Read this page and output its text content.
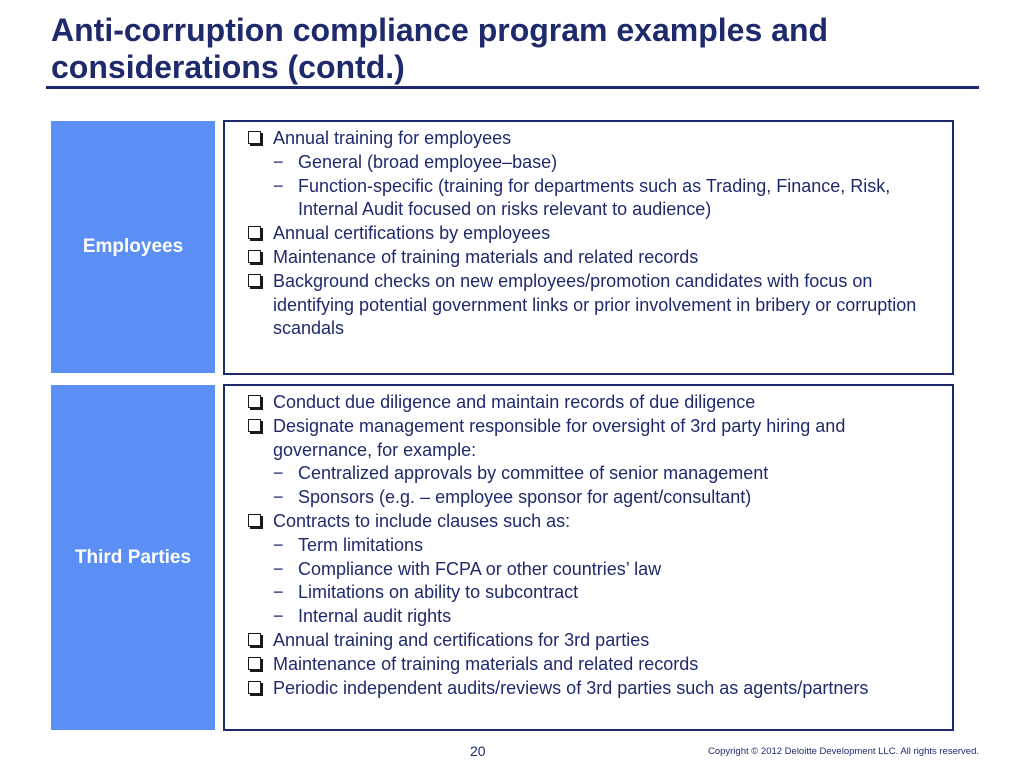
Anti-corruption compliance program examples and considerations (contd.)
Employees
Annual training for employees
− General (broad employee–base)
− Function-specific (training for departments such as Trading, Finance, Risk, Internal Audit focused on risks relevant to audience)
Annual certifications by employees
Maintenance of training materials and related records
Background checks on new employees/promotion candidates with focus on identifying potential government links or prior involvement in bribery or corruption scandals
Third Parties
Conduct due diligence and maintain records of due diligence
Designate management responsible for oversight of 3rd party hiring and governance, for example:
− Centralized approvals by committee of senior management
− Sponsors (e.g. – employee sponsor for agent/consultant)
Contracts to include clauses such as:
− Term limitations
− Compliance with FCPA or other countries’ law
− Limitations on ability to subcontract
− Internal audit rights
Annual training and certifications for 3rd parties
Maintenance of training materials and related records
Periodic independent audits/reviews of 3rd parties such as agents/partners
20	Copyright © 2012 Deloitte Development LLC. All rights reserved.
